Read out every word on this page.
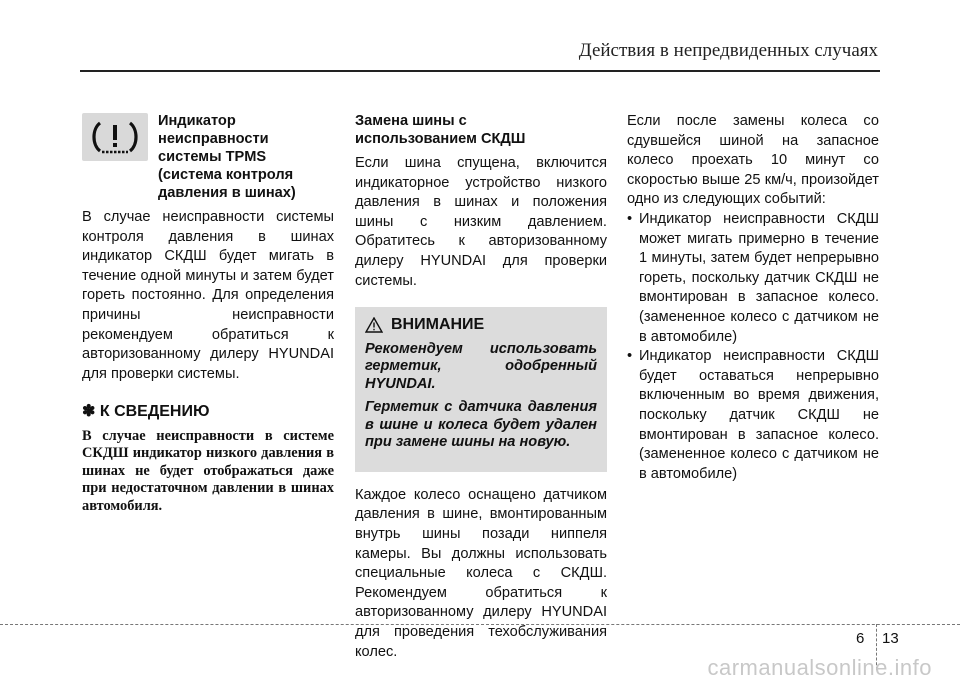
Действия в непредвиденных случаях

Индикатор

неисправности

системы TPMS

(система контроля

давления в шинах)

В случае неисправности системы контроля давления в шинах индикатор СКДШ будет мигать в течение одной минуты и затем будет гореть постоянно. Для определения причины неисправности рекомендуем обратиться к авторизованному дилеру HYUNDAI для проверки системы.

✽ К СВЕДЕНИЮ

В случае неисправности в системе СКДШ индикатор низкого давления в шинах не будет отображаться даже при недостаточном давлении в шинах автомобиля.

Замена шины с

использованием СКДШ

Если шина спущена, включится индикаторное устройство низкого давления в шинах и положения шины с низким давлением. Обратитесь к авторизованному дилеру HYUNDAI для проверки системы.

ВНИМАНИЕ

Рекомендуем использовать герметик, одобренный HYUNDAI.

Герметик с датчика давления в шине и колеса будет удален при замене шины на новую.

Каждое колесо оснащено датчиком давления в шине, вмонтированным внутрь шины позади ниппеля камеры. Вы должны использовать специальные колеса с СКДШ. Рекомендуем обратиться к авторизованному дилеру HYUNDAI для проведения техобслуживания колес.

Если после замены колеса со сдувшейся шиной на запасное колесо проехать 10 минут со скоростью выше 25 км/ч, произойдет одно из следующих событий:

• Индикатор неисправности СКДШ может мигать примерно в течение 1 минуты, затем будет непрерывно гореть, поскольку датчик СКДШ не вмонтирован в запасное колесо. (замененное колесо с датчиком не в автомобиле)
• Индикатор неисправности СКДШ будет оставаться непрерывно включенным во время движения, поскольку датчик СКДШ не вмонтирован в запасное колесо. (замененное колесо с датчиком не в автомобиле)
6 13
carmanualsonline.info
